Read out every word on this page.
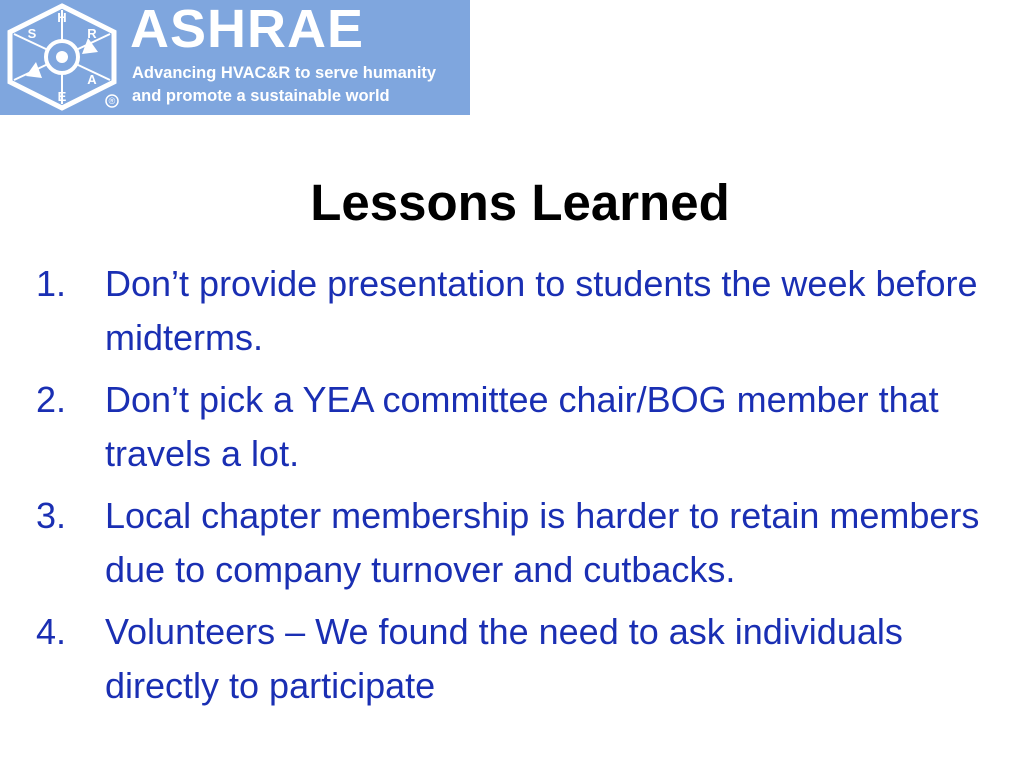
S
H
R
A
E	®
ASHRAE
Advancing HVAC&R to serve humanity
and promote a sustainable world
Lessons Learned
1. Don’t provide presentation to students the week before midterms.
2. Don’t pick a YEA committee chair/BOG member that travels a lot.
3. Local chapter membership is harder to retain members due to company turnover and cutbacks.
4. Volunteers – We found the need to ask individuals directly to participate
